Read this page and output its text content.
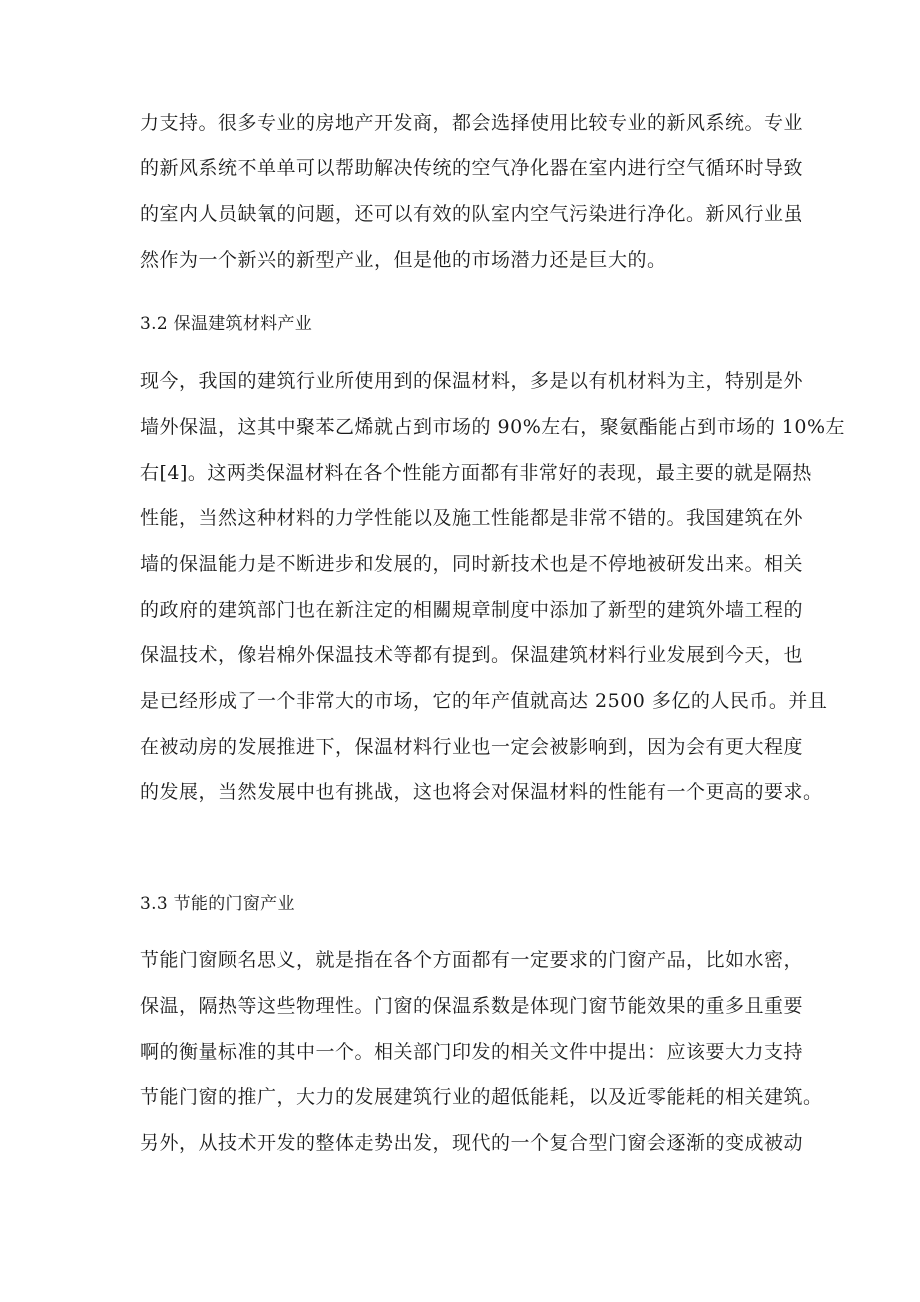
力支持。很多专业的房地产开发商，都会选择使用比较专业的新风系统。专业
的新风系统不单单可以帮助解决传统的空气净化器在室内进行空气循环时导致
的室内人员缺氧的问题，还可以有效的队室内空气污染进行净化。新风行业虽
然作为一个新兴的新型产业，但是他的市场潜力还是巨大的。
3.2 保温建筑材料产业
现今，我国的建筑行业所使用到的保温材料，多是以有机材料为主，特别是外
墙外保温，这其中聚苯乙烯就占到市场的 90%左右，聚氨酯能占到市场的 10%左
右[4]。这两类保温材料在各个性能方面都有非常好的表现，最主要的就是隔热
性能，当然这种材料的力学性能以及施工性能都是非常不错的。我国建筑在外
墙的保温能力是不断进步和发展的，同时新技术也是不停地被研发出来。相关
的政府的建筑部门也在新注定的相關規章制度中添加了新型的建筑外墙工程的
保温技术，像岩棉外保温技术等都有提到。保温建筑材料行业发展到今天，也
是已经形成了一个非常大的市场，它的年产值就高达 2500 多亿的人民币。并且
在被动房的发展推进下，保温材料行业也一定会被影响到，因为会有更大程度
的发展，当然发展中也有挑战，这也将会对保温材料的性能有一个更高的要求。
3.3 节能的门窗产业
节能门窗顾名思义，就是指在各个方面都有一定要求的门窗产品，比如水密，
保温，隔热等这些物理性。门窗的保温系数是体现门窗节能效果的重多且重要
啊的衡量标准的其中一个。相关部门印发的相关文件中提出：应该要大力支持
节能门窗的推广，大力的发展建筑行业的超低能耗，以及近零能耗的相关建筑。
另外，从技术开发的整体走势出发，现代的一个复合型门窗会逐渐的变成被动
